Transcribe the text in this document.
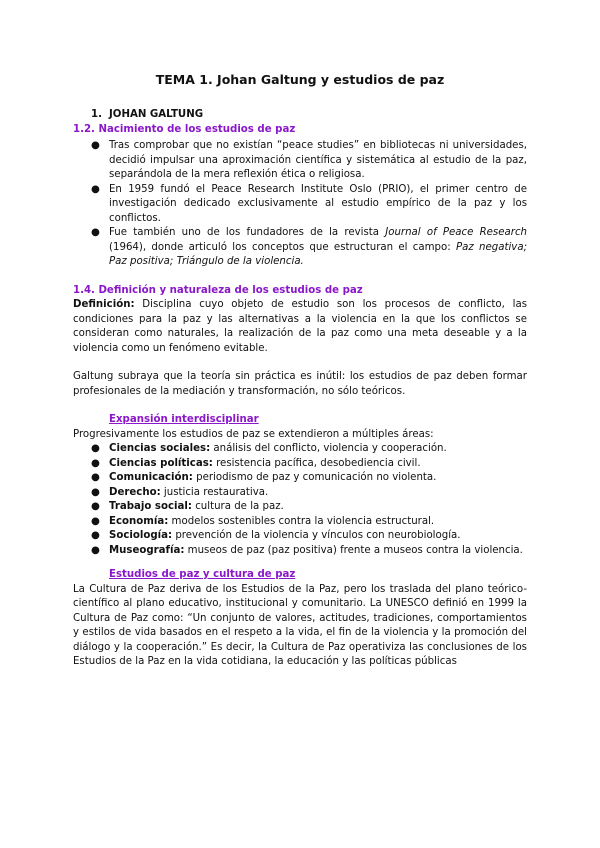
TEMA 1. Johan Galtung y estudios de paz
1. JOHAN GALTUNG
1.2. Nacimiento de los estudios de paz
● Tras comprobar que no existían “peace studies” en bibliotecas ni universidades, decidió impulsar una aproximación científica y sistemática al estudio de la paz, separándola de la mera reflexión ética o religiosa.
● En 1959 fundó el Peace Research Institute Oslo (PRIO), el primer centro de investigación dedicado exclusivamente al estudio empírico de la paz y los conflictos.
● Fue también uno de los fundadores de la revista Journal of Peace Research (1964), donde articuló los conceptos que estructuran el campo: Paz negativa; Paz positiva; Triángulo de la violencia.
1.4. Definición y naturaleza de los estudios de paz

Definición: Disciplina cuyo objeto de estudio son los procesos de conflicto, las condiciones para la paz y las alternativas a la violencia en la que los conflictos se consideran como naturales, la realización de la paz como una meta deseable y a la violencia como un fenómeno evitable.

Galtung subraya que la teoría sin práctica es inútil: los estudios de paz deben formar profesionales de la mediación y transformación, no sólo teóricos.

Expansión interdisciplinar

Progresivamente los estudios de paz se extendieron a múltiples áreas:

● Ciencias sociales: análisis del conflicto, violencia y cooperación.
● Ciencias políticas: resistencia pacífica, desobediencia civil.
● Comunicación: periodismo de paz y comunicación no violenta.
● Derecho: justicia restaurativa.
● Trabajo social: cultura de la paz.
● Economía: modelos sostenibles contra la violencia estructural.
● Sociología: prevención de la violencia y vínculos con neurobiología.
● Museografía: museos de paz (paz positiva) frente a museos contra la violencia.
Estudios de paz y cultura de paz

La Cultura de Paz deriva de los Estudios de la Paz, pero los traslada del plano teórico-científico al plano educativo, institucional y comunitario. La UNESCO definió en 1999 la Cultura de Paz como: “Un conjunto de valores, actitudes, tradiciones, comportamientos y estilos de vida basados en el respeto a la vida, el fin de la violencia y la promoción del diálogo y la cooperación.” Es decir, la Cultura de Paz operativiza las conclusiones de los Estudios de la Paz en la vida cotidiana, la educación y las políticas públicas
